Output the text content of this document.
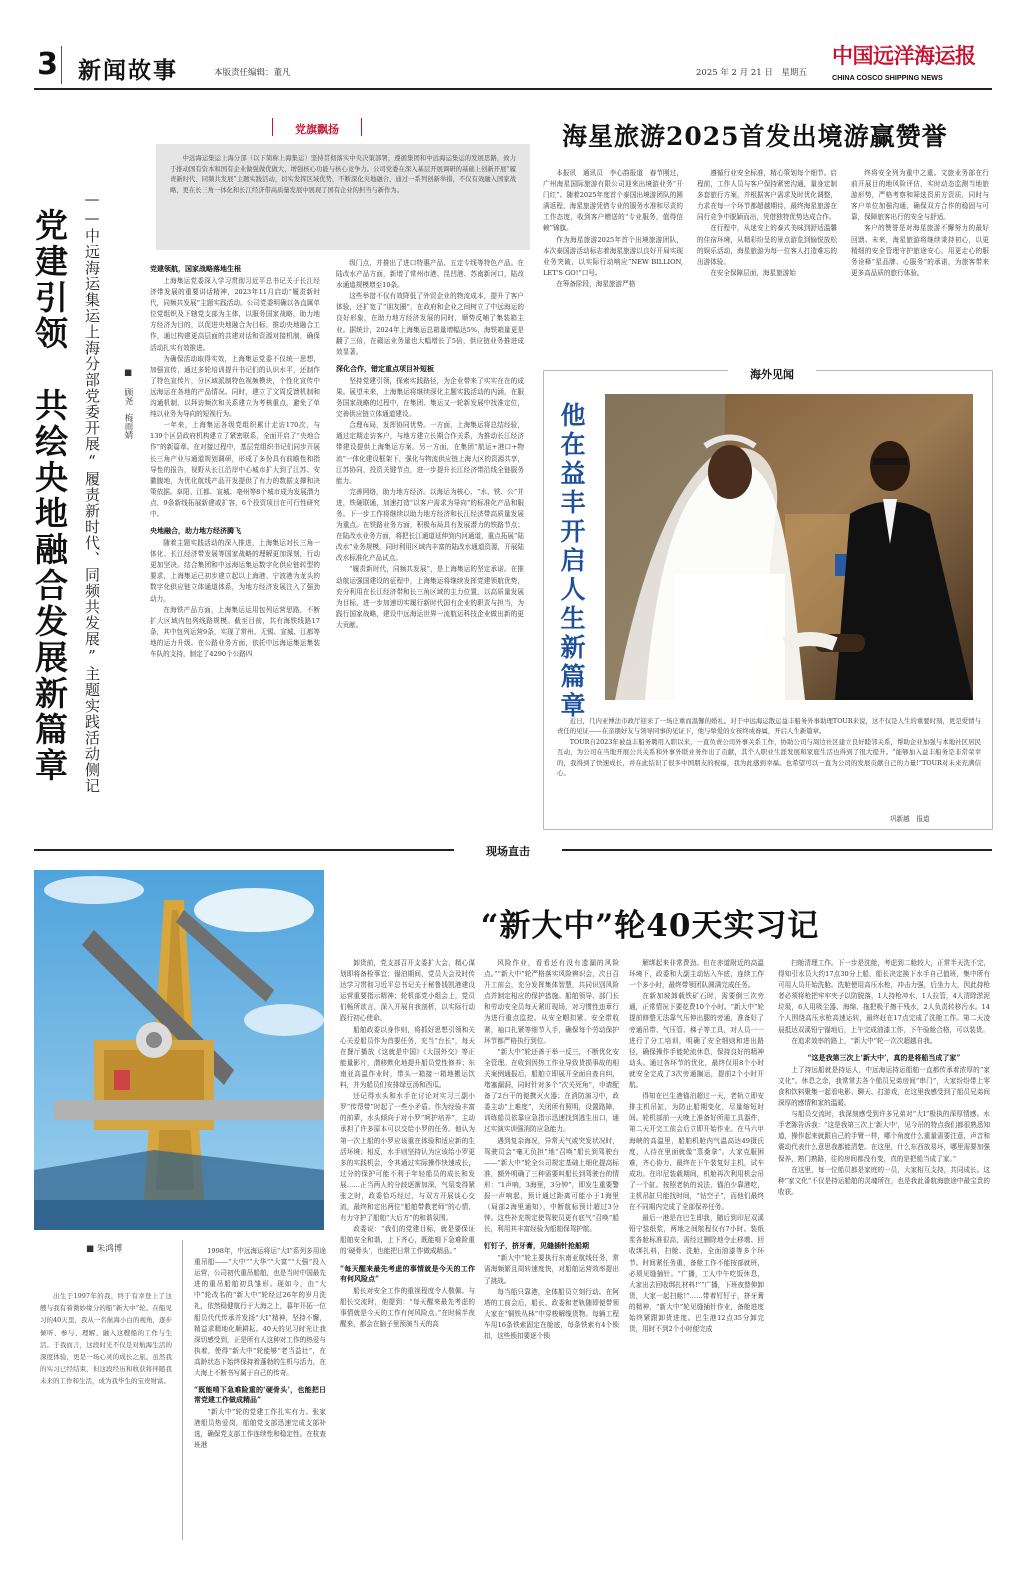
3 新闻故事	本版责任编辑：董凡	2025 年 2 月 21 日　星期五
中国远洋海运报
CHINA COSCO SHIPPING NEWS
党旗飘扬
党建引领　共绘央地融合发展新篇章 ——中远海运集运上海分部党委开展“履责新时代、同频共发展”主题实践活动侧记	■ 顾尧　梅雨婧

中远海运集运上海分部（以下简称上海集运）坚持贯彻落实中央决策部署，遵循集团和中远海运集运的发展思路，致力于推动国有资本和国有企业做强做优做大，增强核心功能与核心竞争力。公司党委在深入基层开展调研的基础上创新开展“履责新时代、同频共发展”主题实践活动，切实发挥区域优势，不断深化央地融合，通过一系列创新举措，不仅有效融入国家战略，更在长三角一体化和长江经济带高质量发展中展现了国有企业的担当与新作为。

党建领航，国家战略落地生根

上海集运党委深入学习贯彻习近平总书记关于长江经济带发展的重要讲话精神，2023年11月启动“履责新时代，同频共发展”主题实践活动。公司党委明确以各直属单位党组织及下辖党支部为主体，以服务国家战略，助力地方经济为目的，以促进央地融合为目标，推动央地融合工作，通过构建更高层面的共建对话和资源对接机制，确保活动扎实有效推进。

为确保活动取得实效，上海集运党委不仅统一思想，加强宣传，通过多轮培训提升书记们的认识水平，还制作了特色宣传片，分区域派制特色视频模块，个性化宣传中远海运在各地的产品情况。同时，建立了文周反馈机制和沟通机制，以拜访频次和关系建立为考核重点，避免了单纯以业务为导向的短视行为。

一年来，上海集运各级党组织累计走访170次，与139个区县政府机构建立了紧密联系，全面开启了“央地合作”的新篇章。在对接过程中，基层党组织书记们同步开展长三角产业与通道规划调研，形成了多份具有前瞻性和指导性的报告，视野从长江沿岸中心城市扩大到了江苏、安徽腹地，为优化航线产品开发提供了有力的数据支撑和决策依据。阜阳、江都、宣城、亳州等8个城市成为发展潜力点，9条新线拓展新建或扩容，6个投资项目在可行性研究中。

央地融合，助力地方经济腾飞

随着主题实践活动的深入推进，上海集运对长三角一体化、长江经济带发展等国家战略的理解更加深刻，行动更加坚决。结合集团和中远海运集运数字化供应链转型的要求，上海集运已初步建立起以上海港、宁波港为龙头的数字化供应链立体通道体系，为地方经济发展注入了强劲动力。

在海铁产品方面，上海集运运用包列运营思路，不断扩大区域内包列线路规模。截至目前，共有海铁线路17条，其中包列运营9条，实现了常州、无锡、宣城、江都等地的运力升级。在公路业务方面，依托中远海运集运集装车队的支持，制定了4290个公路四

级门点，并推出了进口特惠产品、五定专线等特色产品。在陆改水产品方面，新增了常州市港、昆凹港、苏南新河口，陆改水通道规模增至10条。

这些举措不仅有效降低了外贸企业的物流成本，提升了客户体验，还扩宽了“朋友圈”，在政府和企业之间树立了中远海运的良好形象，在助力地方经济发展的同时，顺势反哺了集装箱主业。据统计，2024年上海集运总箱量增幅达5%，海铁箱量更是翻了三倍，在赣运业务量也大幅增长了5倍，供应链业务推进成效显著。

深化合作，错定重点项目补短板

坚持党建引领，探索实践路径，为企业带来了实实在在的成果。展望未来，上海集运将继续深化主题实践活动的内涵，在服务国家战略的过程中，在集团、集运又一轮新发展中找准定位，完善供应链立体通道建设。

合理布局，发挥协同优势。一方面，上海集运将总结经验，通过定期走访客户，与地方建立长期合作关系，为推动长江经济带建设提供上海集运方案。另一方面，在集团“航运+港口+物流”一体化建设框架下，强化与物流供应链上海大区的资源共享，江苏协同，投资关键节点，进一步提升长江经济带沿线全链服务能力。

完善网络，助力地方经济。以海运为核心、“水、铁、公”并进，铁硬联通，加速打造“以客户需求为导向”的标准化产品和服务。下一步工作将继续以助力地方经济和长江经济带高质量发展为重点。在铁路业务方面，积极布局具有发展潜力的铁路节点；在陆改水业务方面，将把长江通道延伸到内河通道，重点拓展“陆改水”业务规模，同时利用区域内丰富的陆改水通道资源，开展陆改水标准化产品试点。

“履责新时代，同频共发展”，是上海集运的坚定承诺。在推动航运强国建设的征程中，上海集运将继续发挥党建领航优势，充分利用在长江经济带和长三角区域的主力位置，以高质量发展为目标，进一步加速切实履行新时代国有企业的职责与担当，为践行国家战略，建设中远海运世界一流航运科技企业做出新的更大贡献。

海星旅游2025首发出境游赢赞誉

本报讯　通讯员　李心韵报道　春节刚过，广州海星国际旅游有限公司迎来出境游业务“开门红”。随着2025年度首个泰国出境游团队的圆满返程，海星旅游凭借专业的服务水准和尽责的工作态度，收到客户赠送的“专业服务，值得信赖”锦旗。

作为海星旅游2025年首个出境旅游团队，本次泰国游活动标志着海星旅游以良好开局实现业务突破，以实际行动响应“NEW BILLION, LET'S GO!”口号。

在筹备阶段，海星旅游严格

遵循行业安全标准，精心策划每个细节。启程前，工作人员与客户保持紧密沟通，量身定制多套旅行方案，并根据客户需求及时优化调整，力求在每一个环节都超越期待，最终海星旅游在同行竞争中脱颖而出，凭借独特优势达成合作。

在行程中，从迷安上的泰式美味到舒适温馨的住宿环境，从精彩纷呈的景点游览到愉悦放松的娱乐活动，海星旅游为每一位客人打造难忘的出游体验。

在安全保障层面，海星旅游始

终将安全列为重中之重。文旅业务部在行前开展目的地风险评估，实时动态监测当地旅游形势，严格考察和筛选资质方资质，同时与客户单位加强沟通，确保双方合作的稳固与可靠，保障旅客出行的安全与舒适。

客户的赞誉是对海星旅游不懈努力的最好回馈。未来，海星旅游将继续秉持初心，以更精细的安全管理守护旅途安心，用更走心的服务诠释“星品牌、心服务”的承诺，为旅客带来更多高品质的旅行体验。

海外见闻
他在益丰开启人生新篇章

近日，几内亚博法市政厅迎来了一场庄重而温馨的婚礼。对于中远海运散运益丰船务外事助理TOUR来说，这不仅是人生的重要时刻，更是爱情与责任的见证——在亲朋好友与领导同事的见证下，他与挚爱的女孩终成眷属，开启人生新篇章。

TOUR自2023年被益丰船务聘用入职以来，一直负责公司外事关系工作，协助公司与周边社区建立良好睦邻关系，帮助企业加强与本地社区居民互动，为公司在当地开展公共关系和外事外联业务作出了贡献，其个人职业生涯发展和家庭生活也得到了很大提升。“能够加入益丰船务是非常荣幸的，我得到了快速成长，并在此结识了很多中国朋友的祝福，我为此感到幸福。也希望可以一直为公司的发展贡献自己的力量!”TOUR对未来充满信心。

巩新越　报道
现场直击
“新大中”轮40天实习记
■ 朱鸿博

出生于1997年的我，终于有幸登上了这艘与我有着微妙缘分的船“新大中”轮。在船见习的40天里，我从一名航海小白的视角，逐步倾听、参与、理解、融入这艘船的工作与生活。于我而言，这段时光不仅是对航海生活的深度体验，更是一场心灵的成长之旅。虽然我的实习已经结束，但这段经历和收获将伴随我未来的工作和生活，成为我毕生的宝贵财富。

1998年，中远海运将运“大Ⅰ”系列多用途重吊船——“大中”“大华”“大富”“大强”投入运营，公司初代重吊船舶，也是当时中国最先进的重吊船舶初具雏形。现如今，由“大中”轮改名的“新大中”轮经过26年的岁月洗礼，依然稳健航行于大海之上，暮年开拓一位船员代代传承并发扬“大Ⅰ”精神，坚持不懈，精益求精地化顺耕耘。40天的见习时光让我深切感受到，正是所有人这种对工作的热爱与执着，使得“新大中”轮能够“老当益壮”，在高龄状态下始终保持着蓬勃的生机与活力，在大海上不断书写属于自己的传奇。

“既能啃下急难险重的‘硬骨头’，也能把日常党建工作做成精品”

“新大中”轮的党建工作扎实有力。张家港船员热爱岗，船舶党支部迅速完成支部补选，确保党支部工作连续性和稳定性。在杭查班港

卸货前，党支部召开支委扩大会，精心谋划即将备检事宜；锚泊期间，党员大会及时传达学习贯彻习近平总书记关于秘鲁钱凯港建设运营重要指示精神；轮机部党小组会上，党员们畅所欲言，深入开展自我剖析，以实际行动践行初心使命。

船舶政委以身作则，将抓好思想引领和关心关爱船员作为首要任务，充当“台长”，每天在餐厅播放《这就是中国》《大国外交》等正能量影片，潜移默化地提升船员党性修养；东南亚高温作业时，带头一箱接一箱地搬运饮料，并为船员们安排绿豆汤和西瓜。

还记得水头和水手在讨论对实习三副小罗“传帮带”时起了一些小矛盾。作为经验丰富的前辈，水头倾向于对小罗“呵护培养”，主动承担了许多原本可以交给小罗的任务。他认为第一次上船的小罗应该重在体验和适应新的生活环境；相反，水手则坚持认为应该给小罗更多的实践机会，令其通过实际操作快速成长，过分的保护可能不利于年轻船员的成长和发展……正当两人的分歧逐渐加深，气氛变得紧张之时，政委恰巧经过，与双方开展谈心交流，最终和定出两位“船舶带教老师”的心情，有力守护了船舶“大后方”的和谐氛围。

政委说：“我们的党建目标，就是要保证船舶安全和谐，上下齐心，既能啃下急难险重的‘硬骨头’，也能把日常工作做成精品。”

“每天醒来最先考虑的事情就是今天的工作有何风险点”

船长对安全工作的重视程度令人敬佩。与船长交流时，他提到：“每天醒来最先考虑的事情就是今天的工作有何风险点。”在时候半夜醒来，都会在脑子里预演当天的高

风险作业，看看还有没有遗漏的风险点。”“新大中”轮严格落实风险辨识会，次日召开工前会，充分发挥集体智慧，共同识别风险点并制定相应的保护措施。船舶领导、部门长和劳动安全员每天紧盯现场，对习惯性违章行为进行重点监控。从安全帽扣紧、安全带收紧，袖口扎紧等细节入手，确保每个劳动保护环节都严格执行到位。

“新大中”轮还善于举一反三，不断优化安全管理。在收到因热工作业导致货损事故的相关案例通报后，船舶立即展开全面自查自纠，堵塞漏洞，同时针对多个“次关死角”，申请配备了2台干的便携灭火器；在消防演习中，政委主动“上难度”，关闭所有照明，设置路障，训练船员依靠应急指示迅速找到逃生出口，通过实演实训强消防应急能力。

遇到复杂海况，异常天气或突发状况时，驾驶员会“毫无负担”地“召唤”船长到驾驶台——“新大中”轮全公司规定基础上细化提高标准，额外明确了三种需要叫船长到驾驶台的情形：“1声响，3海里，3分钟”，即发生重要警报一声响起，预计通过距离可能小于1海里（局部2海里通知），中断航标预计超过3分钟。这些补充规定使驾驶员更有底气“召唤”船长，利用其丰富经验为船舶保驾护航。

钉钉子，挤牙膏，见缝插针抢船期

“新大中”轮主要执行东南亚航线任务，常需海频繁且周转速度快，对船舶运营效率提出了挑战。

每当船只靠港，全体船员立刻行动。在阿塔的工前会后，船长、政委和老轨随即便带领大家在“铜铁丛林”中穿梭解缆货物。每辆工程车用16条铁索固定在舱底，每条铁索有4个锁扣，这些锁扣要逐个锁

解绑起来非常费劲。但在赤道附近的高温环境下，政委和大副主动钻入车底，连续工作一个多小时，最终带领团队圆满完成任务。

在新加坡卸载铁矿石时，需要倒三次旁通，正常情况下要花费10个小时。“新大中”轮提前修整无法靠气压伸出腿的旁通，准备好了旁通吊带、气压管、梯子等工具，对人员一一进行了分工培训，明确了安全细则和进出路径，确保操作手能轮流休息，保持良好的精神动头。通过各环节的优化，最终仅用8个小时就安全完成了3次旁通搁运，提前2个小时开航。

得知在巴生港锚泊超过一天，老轨立即安排主机吊缸，为防止船期变化，尽量缩短时间。轮机部前一天晚上准备好所需工具器件，第二天开完工前会后立即开始作业。在马六甲海峡的高温里，船舶机舱内气温高达49摄氏度，人待在里面就像“蒸桑拿”。大家克服困难，齐心协力，最终在下午装复好主机，试车成功。在印尼装载期间，机舱再次利用机会吊了一个缸。按照老轨的说法，锚泊少靠港吃，主机吊缸只能找时间，“钻空子”，而他们最终在不同期内完成了全部保养任务。

最后一港是在巴生即我，随后到印尼双溪铅宁装纸浆，两地之间航程仅有7小时。装纸浆各舱标准很高，需经过删除地令止移墩、回收绑扎料，扫舱、洗舱，全面油漆等多个环节。时间紧任务重，备舱工作不能按部就班，必须见缝插针。“广播，工人中午吃饭休息，大家出去回收绑扎材料!”“广播，下班夜替伸卸货，大家一起扫舱!”……带着钉钉子，挤牙膏的精神，“新大中”轮见缝插针作业，备舱进度始终紧跟卸货进度。巴生港12点35分卸完货，用时不到2个小时便完成

扫舱清理工作。下一步是洗舱，考虑到二舱较大，正常半天洗不完，得知引水员大约17点30分上船，船长决定换下水手自己值班，集中所有可用人员开始洗舱。洗舱使用高压水枪，冲击力强，后坐力大，因此持枪者必须将枪把牢牢夹子以防脱落，1人持枪冲水，1人拉管，4人清除淤泥垃圾，6人用吸尘器、海绵、拖把吸干擦干残水，2人负责转移污水。14个人围绕高压水枪高速运转，最终赶在17点完成了洗舱工作。第二天凌晨抵达双溪铅宁锚地后，上午完成油漆工作，下午验舱合格，可以装货。

在追求效率的路上，“新大中”轮一次次超越自我。

“这是我第三次上‘新大中’，真的是将船当成了家”

上了持远船就是持运人，中远海运持运船舶一直都传承着浓厚的“家文化”。休息之余，我常常去各个船员兄弟房间“串门”，大家纷纷带上零食和饮料聚集一起看电影、聊天、打游戏，在这里我感受到了船员兄弟间深厚的感情和家的温暖。

与船员交流时，我深刻感受到许多兄弟对“大Ⅰ”极执的深厚情感。水手老陈告诉我：“这是我第三次上‘新大中’，见今吊的特点我们都很熟悉知道，操作起来就跟自己的手臂一样，哪个角度什么重量需要注意，声音和震动代表什么意思我都能清楚。在这里，什么东西放易坏，哪里需要加强保养，熟门熟路，往的房间都没有变，真的是把船当成了家。”

在这里，每一位船员都是家庭的一员，大家相互支持，共同成长。这种“家文化”不仅是持运船舶的灵魂所在，也是我此番航海旅途中最宝贵的收获。
